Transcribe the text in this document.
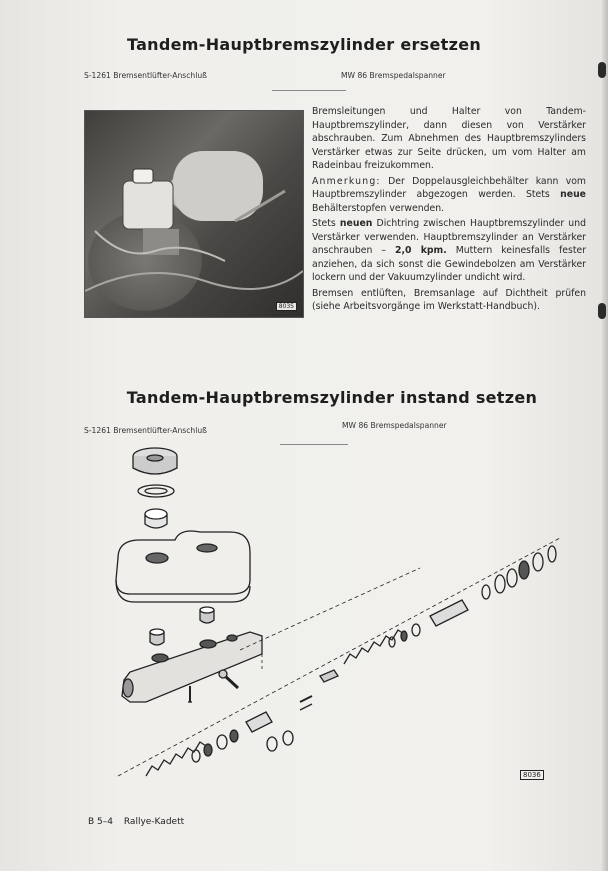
Tandem-Hauptbremszylinder ersetzen
S-1261 Bremsentlüfter-Anschluß	MW 86 Bremspedalspanner
8035

Bremsleitungen und Halter von Tandem-Hauptbremszylinder, dann diesen von Verstärker abschrauben. Zum Abnehmen des Hauptbremszylinders Verstärker etwas zur Seite drücken, um vom Halter am Radeinbau freizukommen.

Anmerkung: Der Doppelausgleichbehälter kann vom Hauptbremszylinder abgezogen werden. Stets neue Behälterstopfen verwenden.

Stets neuen Dichtring zwischen Hauptbremszylinder und Verstärker verwenden. Hauptbremszylinder an Verstärker anschrauben – 2,0 kpm. Muttern keinesfalls fester anziehen, da sich sonst die Gewindebolzen am Verstärker lockern und der Vakuumzylinder undicht wird.

Bremsen entlüften, Bremsanlage auf Dichtheit prüfen (siehe Arbeitsvorgänge im Werkstatt-Handbuch).

Tandem-Hauptbremszylinder instand setzen
S-1261 Bremsentlüfter-Anschluß
MW 86 Bremspedalspanner
8036
B 5–4 Rallye-Kadett
